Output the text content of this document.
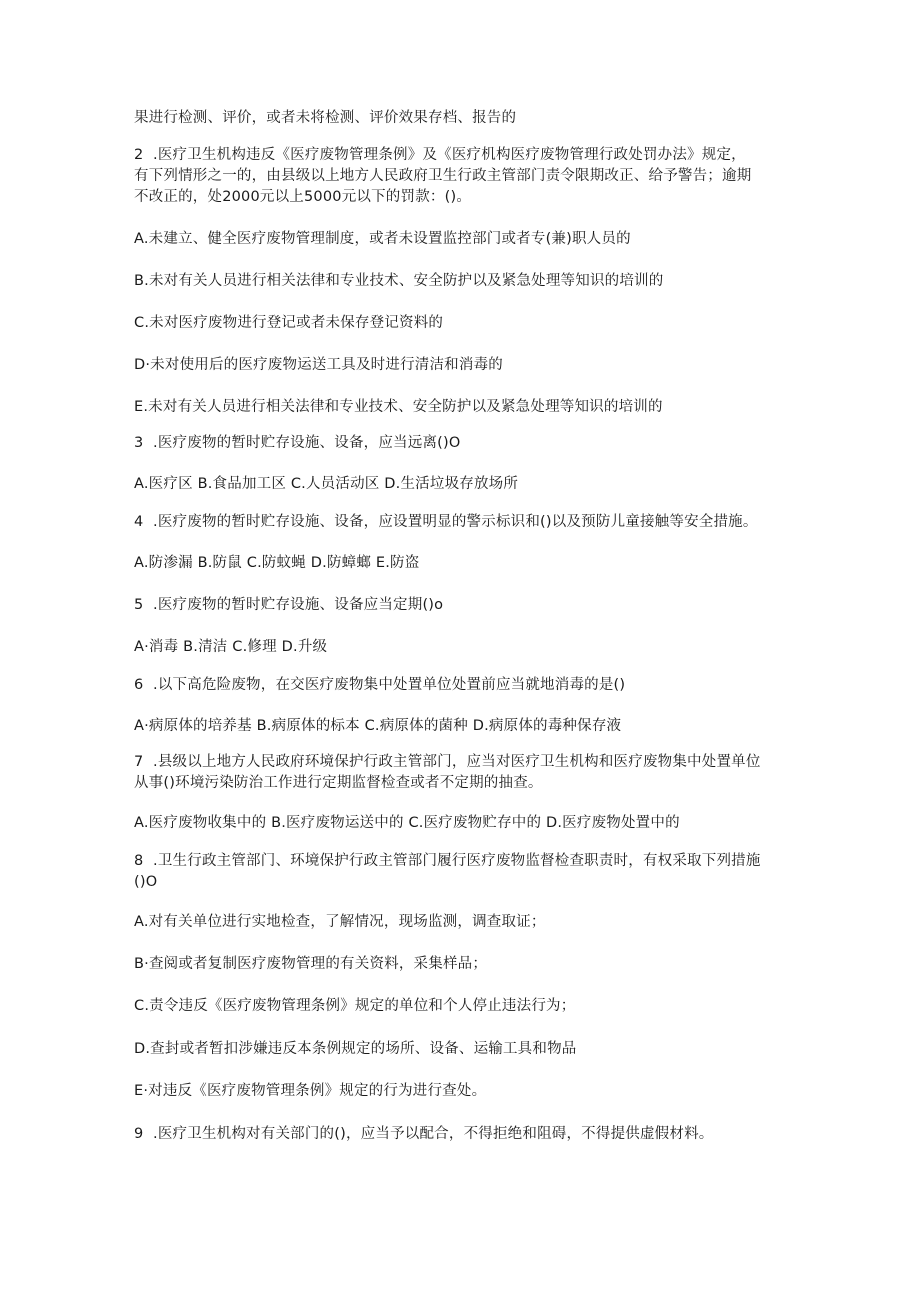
果进行检测、评价，或者未将检测、评价效果存档、报告的
2  .医疗卫生机构违反《医疗废物管理条例》及《医疗机构医疗废物管理行政处罚办法》规定，
有下列情形之一的，由县级以上地方人民政府卫生行政主管部门责令限期改正、给予警告；逾期
不改正的，处2000元以上5000元以下的罚款：()。
A.未建立、健全医疗废物管理制度，或者未设置监控部门或者专(兼)职人员的
B.未对有关人员进行相关法律和专业技术、安全防护以及紧急处理等知识的培训的
C.未对医疗废物进行登记或者未保存登记资料的
D·未对使用后的医疗废物运送工具及时进行清洁和消毒的
E.未对有关人员进行相关法律和专业技术、安全防护以及紧急处理等知识的培训的
3  .医疗废物的暂时贮存设施、设备，应当远离()O
A.医疗区 B.食品加工区 C.人员活动区 D.生活垃圾存放场所
4  .医疗废物的暂时贮存设施、设备，应设置明显的警示标识和()以及预防儿童接触等安全措施。
A.防渗漏 B.防鼠 C.防蚊蝇 D.防蟑螂 E.防盗
5  .医疗废物的暂时贮存设施、设备应当定期()o
A·消毒 B.清洁 C.修理 D.升级
6  .以下高危险废物，在交医疗废物集中处置单位处置前应当就地消毒的是()
A·病原体的培养基 B.病原体的标本 C.病原体的菌种 D.病原体的毒种保存液
7  .县级以上地方人民政府环境保护行政主管部门，应当对医疗卫生机构和医疗废物集中处置单位
从事()环境污染防治工作进行定期监督检查或者不定期的抽查。
A.医疗废物收集中的 B.医疗废物运送中的 C.医疗废物贮存中的 D.医疗废物处置中的
8  .卫生行政主管部门、环境保护行政主管部门履行医疗废物监督检查职责时，有权采取下列措施
()O
A.对有关单位进行实地检查，了解情况，现场监测，调查取证；
B·查阅或者复制医疗废物管理的有关资料，采集样品；
C.责令违反《医疗废物管理条例》规定的单位和个人停止违法行为；
D.查封或者暂扣涉嫌违反本条例规定的场所、设备、运输工具和物品
E·对违反《医疗废物管理条例》规定的行为进行查处。
9  .医疗卫生机构对有关部门的()，应当予以配合，不得拒绝和阻碍，不得提供虚假材料。
